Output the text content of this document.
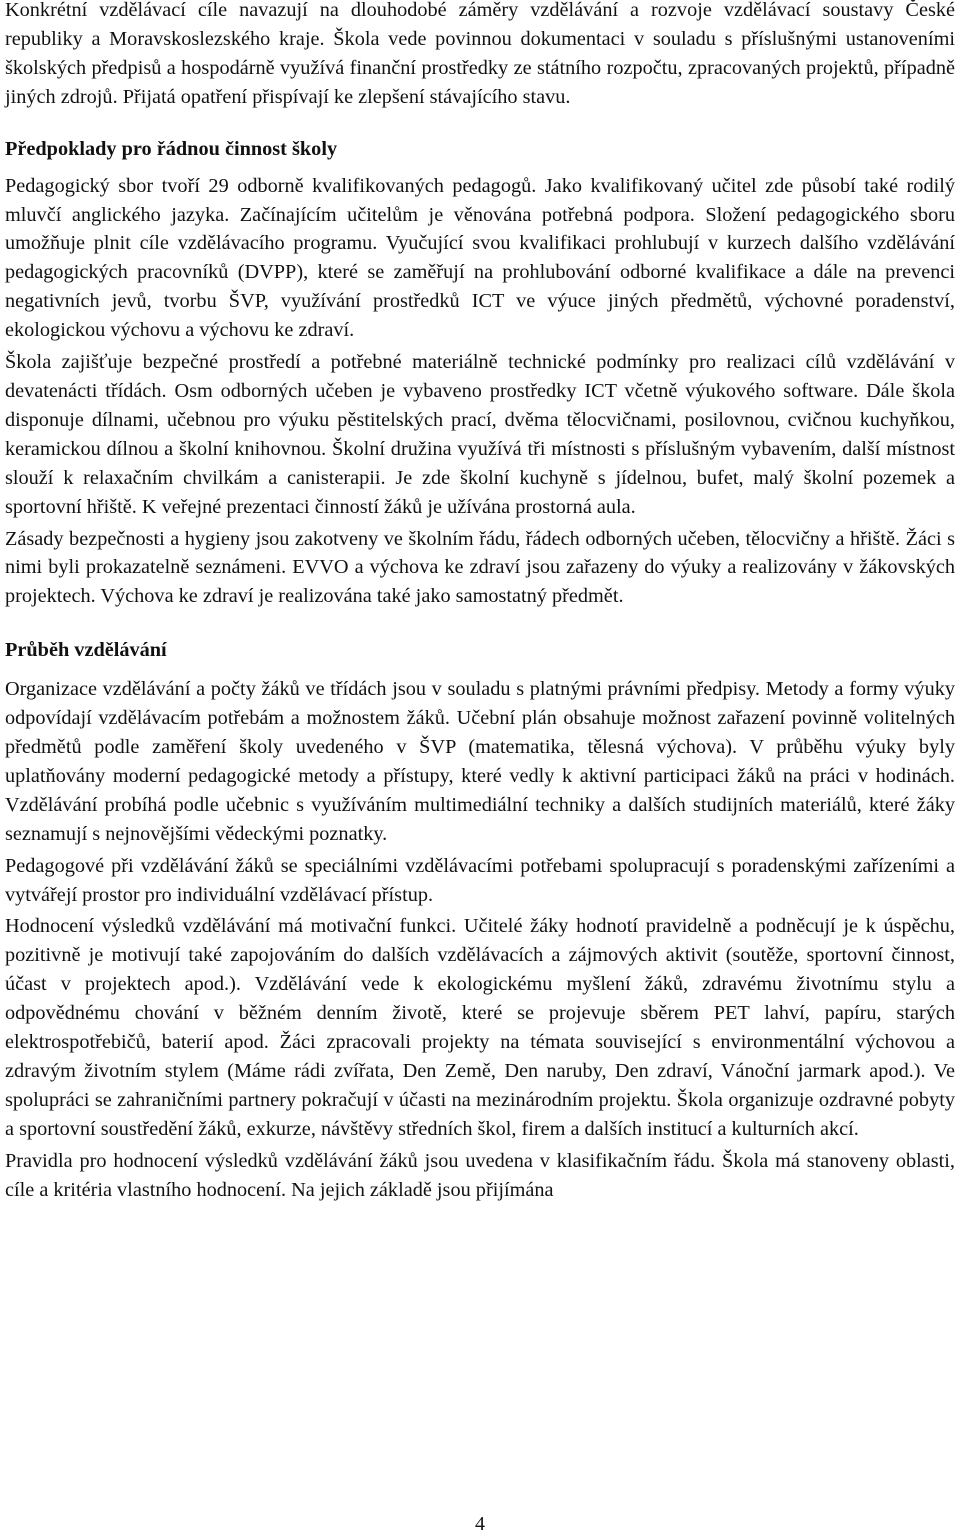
Konkrétní vzdělávací cíle navazují na dlouhodobé záměry vzdělávání a rozvoje vzdělávací soustavy České republiky a Moravskoslezského kraje. Škola vede povinnou dokumentaci v souladu s příslušnými ustanoveními školských předpisů a hospodárně využívá finanční prostředky ze státního rozpočtu, zpracovaných projektů, případně jiných zdrojů. Přijatá opatření přispívají ke zlepšení stávajícího stavu.

Předpoklady pro řádnou činnost školy

Pedagogický sbor tvoří 29 odborně kvalifikovaných pedagogů. Jako kvalifikovaný učitel zde působí také rodilý mluvčí anglického jazyka. Začínajícím učitelům je věnována potřebná podpora. Složení pedagogického sboru umožňuje plnit cíle vzdělávacího programu. Vyučující svou kvalifikaci prohlubují v kurzech dalšího vzdělávání pedagogických pracovníků (DVPP), které se zaměřují na prohlubování odborné kvalifikace a dále na prevenci negativních jevů, tvorbu ŠVP, využívání prostředků ICT ve výuce jiných předmětů, výchovné poradenství, ekologickou výchovu a výchovu ke zdraví.

Škola zajišťuje bezpečné prostředí a potřebné materiálně technické podmínky pro realizaci cílů vzdělávání v devatenácti třídách. Osm odborných učeben je vybaveno prostředky ICT včetně výukového software. Dále škola disponuje dílnami, učebnou pro výuku pěstitelských prací, dvěma tělocvičnami, posilovnou, cvičnou kuchyňkou, keramickou dílnou a školní knihovnou. Školní družina využívá tři místnosti s příslušným vybavením, další místnost slouží k relaxačním chvilkám a canisterapii. Je zde školní kuchyně s jídelnou, bufet, malý školní pozemek a sportovní hřiště. K veřejné prezentaci činností žáků je užívána prostorná aula.

Zásady bezpečnosti a hygieny jsou zakotveny ve školním řádu, řádech odborných učeben, tělocvičny a hřiště. Žáci s nimi byli prokazatelně seznámeni. EVVO a výchova ke zdraví jsou zařazeny do výuky a realizovány v žákovských projektech. Výchova ke zdraví je realizována také jako samostatný předmět.

Průběh vzdělávání

Organizace vzdělávání a počty žáků ve třídách jsou v souladu s platnými právními předpisy. Metody a formy výuky odpovídají vzdělávacím potřebám a možnostem žáků. Učební plán obsahuje možnost zařazení povinně volitelných předmětů podle zaměření školy uvedeného v ŠVP (matematika, tělesná výchova). V průběhu výuky byly uplatňovány moderní pedagogické metody a přístupy, které vedly k aktivní participaci žáků na práci v hodinách. Vzdělávání probíhá podle učebnic s využíváním multimediální techniky a dalších studijních materiálů, které žáky seznamují s nejnovějšími vědeckými poznatky.

Pedagogové při vzdělávání žáků se speciálními vzdělávacími potřebami spolupracují s poradenskými zařízeními a vytvářejí prostor pro individuální vzdělávací přístup.

Hodnocení výsledků vzdělávání má motivační funkci. Učitelé žáky hodnotí pravidelně a podněcují je k úspěchu, pozitivně je motivují také zapojováním do dalších vzdělávacích a zájmových aktivit (soutěže, sportovní činnost, účast v projektech apod.). Vzdělávání vede k ekologickému myšlení žáků, zdravému životnímu stylu a odpovědnému chování v běžném denním životě, které se projevuje sběrem PET lahví, papíru, starých elektrospotřebičů, baterií apod. Žáci zpracovali projekty na témata související s environmentální výchovou a zdravým životním stylem (Máme rádi zvířata, Den Země, Den naruby, Den zdraví, Vánoční jarmark apod.). Ve spolupráci se zahraničními partnery pokračují v účasti na mezinárodním projektu. Škola organizuje ozdravné pobyty a sportovní soustředění žáků, exkurze, návštěvy středních škol, firem a dalších institucí a kulturních akcí.

Pravidla pro hodnocení výsledků vzdělávání žáků jsou uvedena v klasifikačním řádu. Škola má stanoveny oblasti, cíle a kritéria vlastního hodnocení. Na jejich základě jsou přijímána

4
